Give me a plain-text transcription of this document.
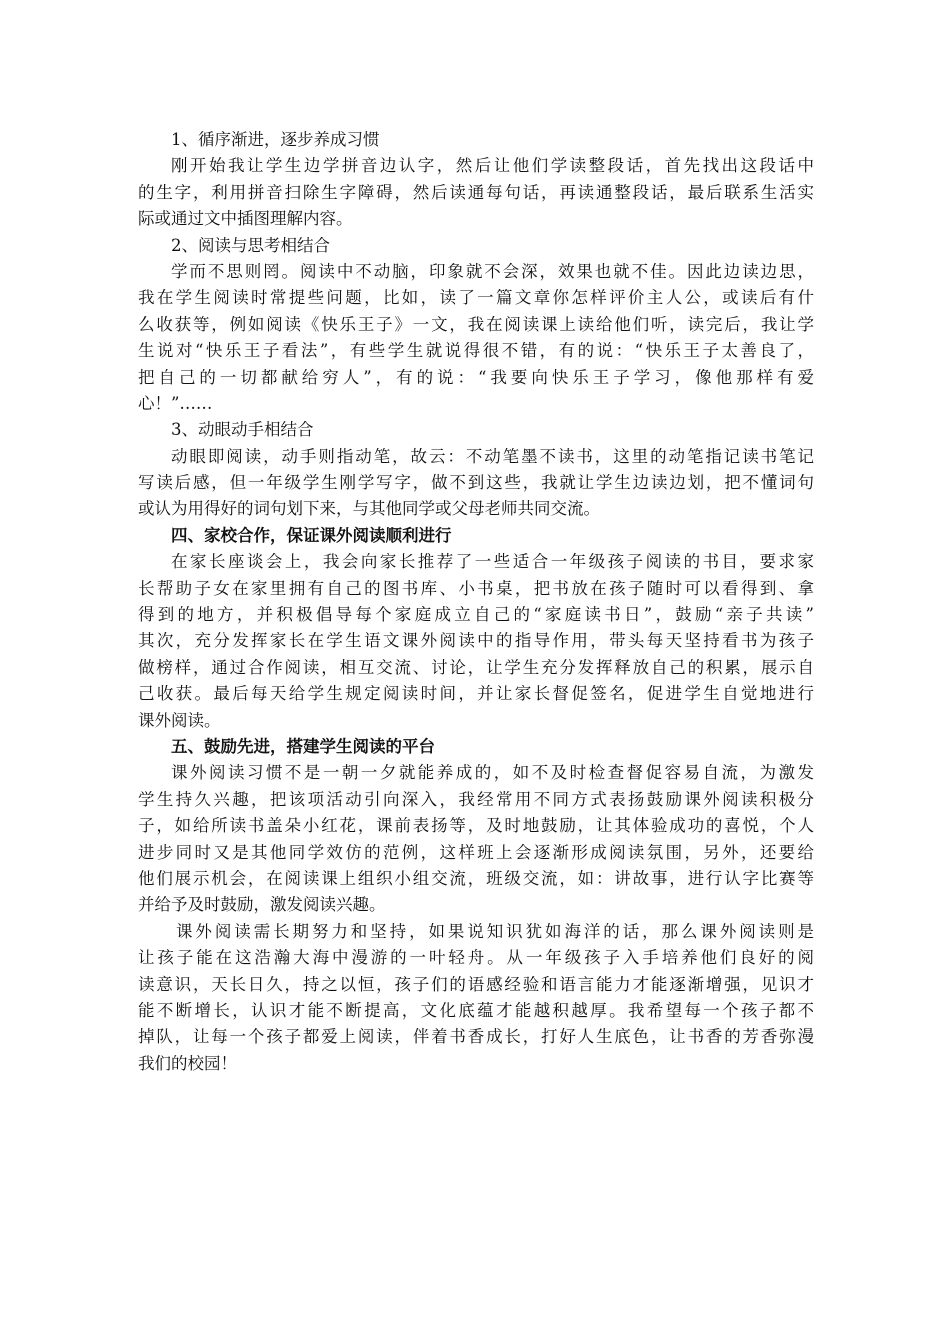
1、循序渐进，逐步养成习惯
刚开始我让学生边学拼音边认字，然后让他们学读整段话，首先找出这段话中
的生字，利用拼音扫除生字障碍，然后读通每句话，再读通整段话，最后联系生活实
际或通过文中插图理解内容。
2、阅读与思考相结合
学而不思则罔。阅读中不动脑，印象就不会深，效果也就不佳。因此边读边思，
我在学生阅读时常提些问题，比如，读了一篇文章你怎样评价主人公，或读后有什
么收获等，例如阅读《快乐王子》一文，我在阅读课上读给他们听，读完后，我让学
生说对“快乐王子看法”，有些学生就说得很不错，有的说：“快乐王子太善良了，
把自己的一切都献给穷人”，有的说：“我要向快乐王子学习，像他那样有爱
心！”……
3、动眼动手相结合
动眼即阅读，动手则指动笔，故云：不动笔墨不读书，这里的动笔指记读书笔记
写读后感，但一年级学生刚学写字，做不到这些，我就让学生边读边划，把不懂词句
或认为用得好的词句划下来，与其他同学或父母老师共同交流。
四、家校合作，保证课外阅读顺利进行
在家长座谈会上，我会向家长推荐了一些适合一年级孩子阅读的书目，要求家
长帮助子女在家里拥有自己的图书库、小书桌，把书放在孩子随时可以看得到、拿
得到的地方，并积极倡导每个家庭成立自己的“家庭读书日”，鼓励“亲子共读”
其次，充分发挥家长在学生语文课外阅读中的指导作用，带头每天坚持看书为孩子
做榜样，通过合作阅读，相互交流、讨论，让学生充分发挥释放自己的积累，展示自
己收获。最后每天给学生规定阅读时间，并让家长督促签名，促进学生自觉地进行
课外阅读。
五、鼓励先进，搭建学生阅读的平台
课外阅读习惯不是一朝一夕就能养成的，如不及时检查督促容易自流，为激发
学生持久兴趣，把该项活动引向深入，我经常用不同方式表扬鼓励课外阅读积极分
子，如给所读书盖朵小红花，课前表扬等，及时地鼓励，让其体验成功的喜悦，个人
进步同时又是其他同学效仿的范例，这样班上会逐渐形成阅读氛围，另外，还要给
他们展示机会，在阅读课上组织小组交流，班级交流，如：讲故事，进行认字比赛等
并给予及时鼓励，激发阅读兴趣。
课外阅读需长期努力和坚持，如果说知识犹如海洋的话，那么课外阅读则是
让孩子能在这浩瀚大海中漫游的一叶轻舟。从一年级孩子入手培养他们良好的阅
读意识，天长日久，持之以恒，孩子们的语感经验和语言能力才能逐渐增强，见识才
能不断增长，认识才能不断提高，文化底蕴才能越积越厚。我希望每一个孩子都不
掉队，让每一个孩子都爱上阅读，伴着书香成长，打好人生底色，让书香的芳香弥漫
我们的校园！
